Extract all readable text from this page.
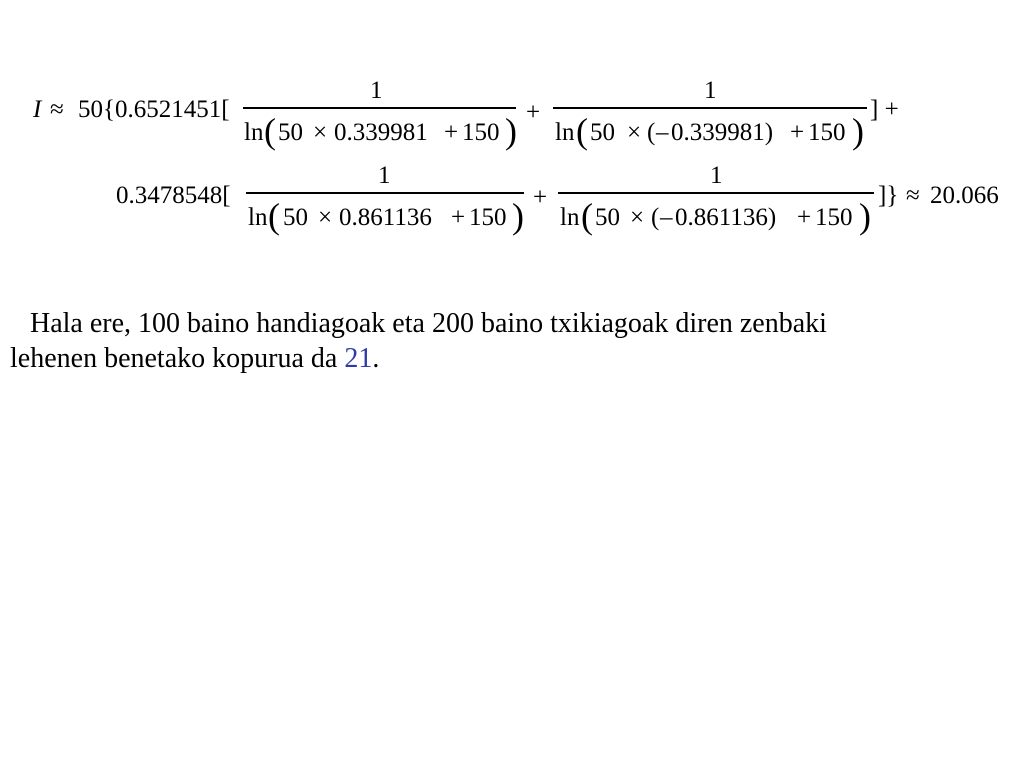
I ≈ 50{0.6521451[
1
ln ( 50 × 0.339981 + 150 ) +
1
ln ( 50 × ( – 0.339981) + 150 )
] +
0.3478548[
1
ln ( 50 × 0.861136 + 150 ) +
1
ln ( 50 × ( – 0.861136) + 150 )
]} ≈ 20.066
Hala ere, 100 baino handiagoak eta 200 baino txikiagoak diren zenbaki
lehenen benetako kopurua da 21.
